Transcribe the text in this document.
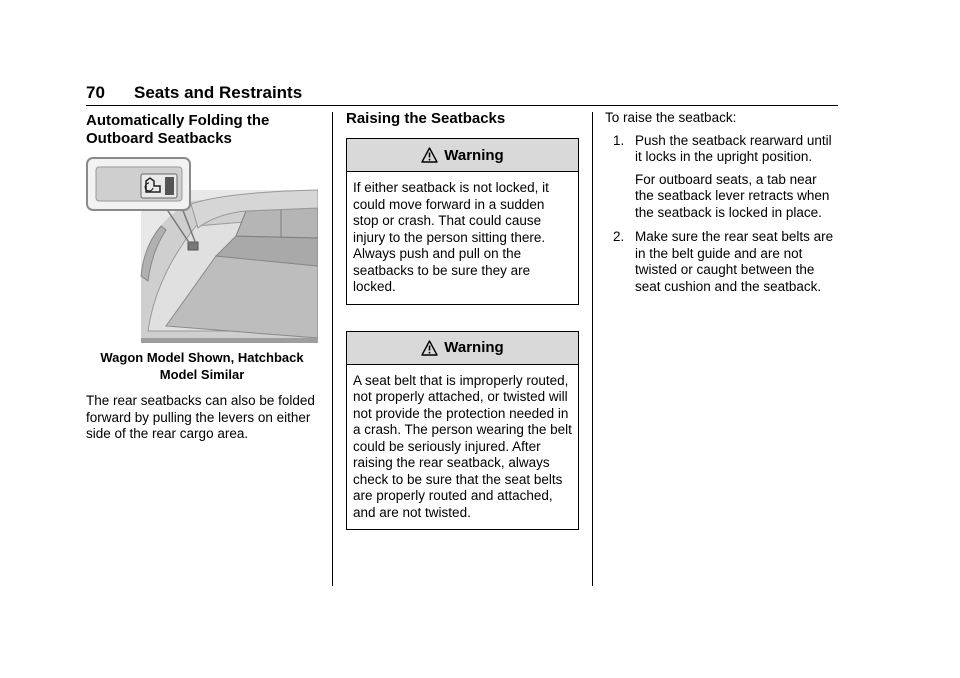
70 Seats and Restraints
Automatically Folding the Outboard Seatbacks
Wagon Model Shown, Hatchback Model Similar

The rear seatbacks can also be folded forward by pulling the levers on either side of the rear cargo area.

Raising the Seatbacks
Warning
If either seatback is not locked, it could move forward in a sudden stop or crash. That could cause injury to the person sitting there. Always push and pull on the seatbacks to be sure they are locked.
Warning
A seat belt that is improperly routed, not properly attached, or twisted will not provide the protection needed in a crash. The person wearing the belt could be seriously injured. After raising the rear seatback, always check to be sure that the seat belts are properly routed and attached, and are not twisted.
To raise the seatback:
1. Push the seatback rearward until it locks in the upright position.
For outboard seats, a tab near the seatback lever retracts when the seatback is locked in place.
2. Make sure the rear seat belts are in the belt guide and are not twisted or caught between the seat cushion and the seatback.
